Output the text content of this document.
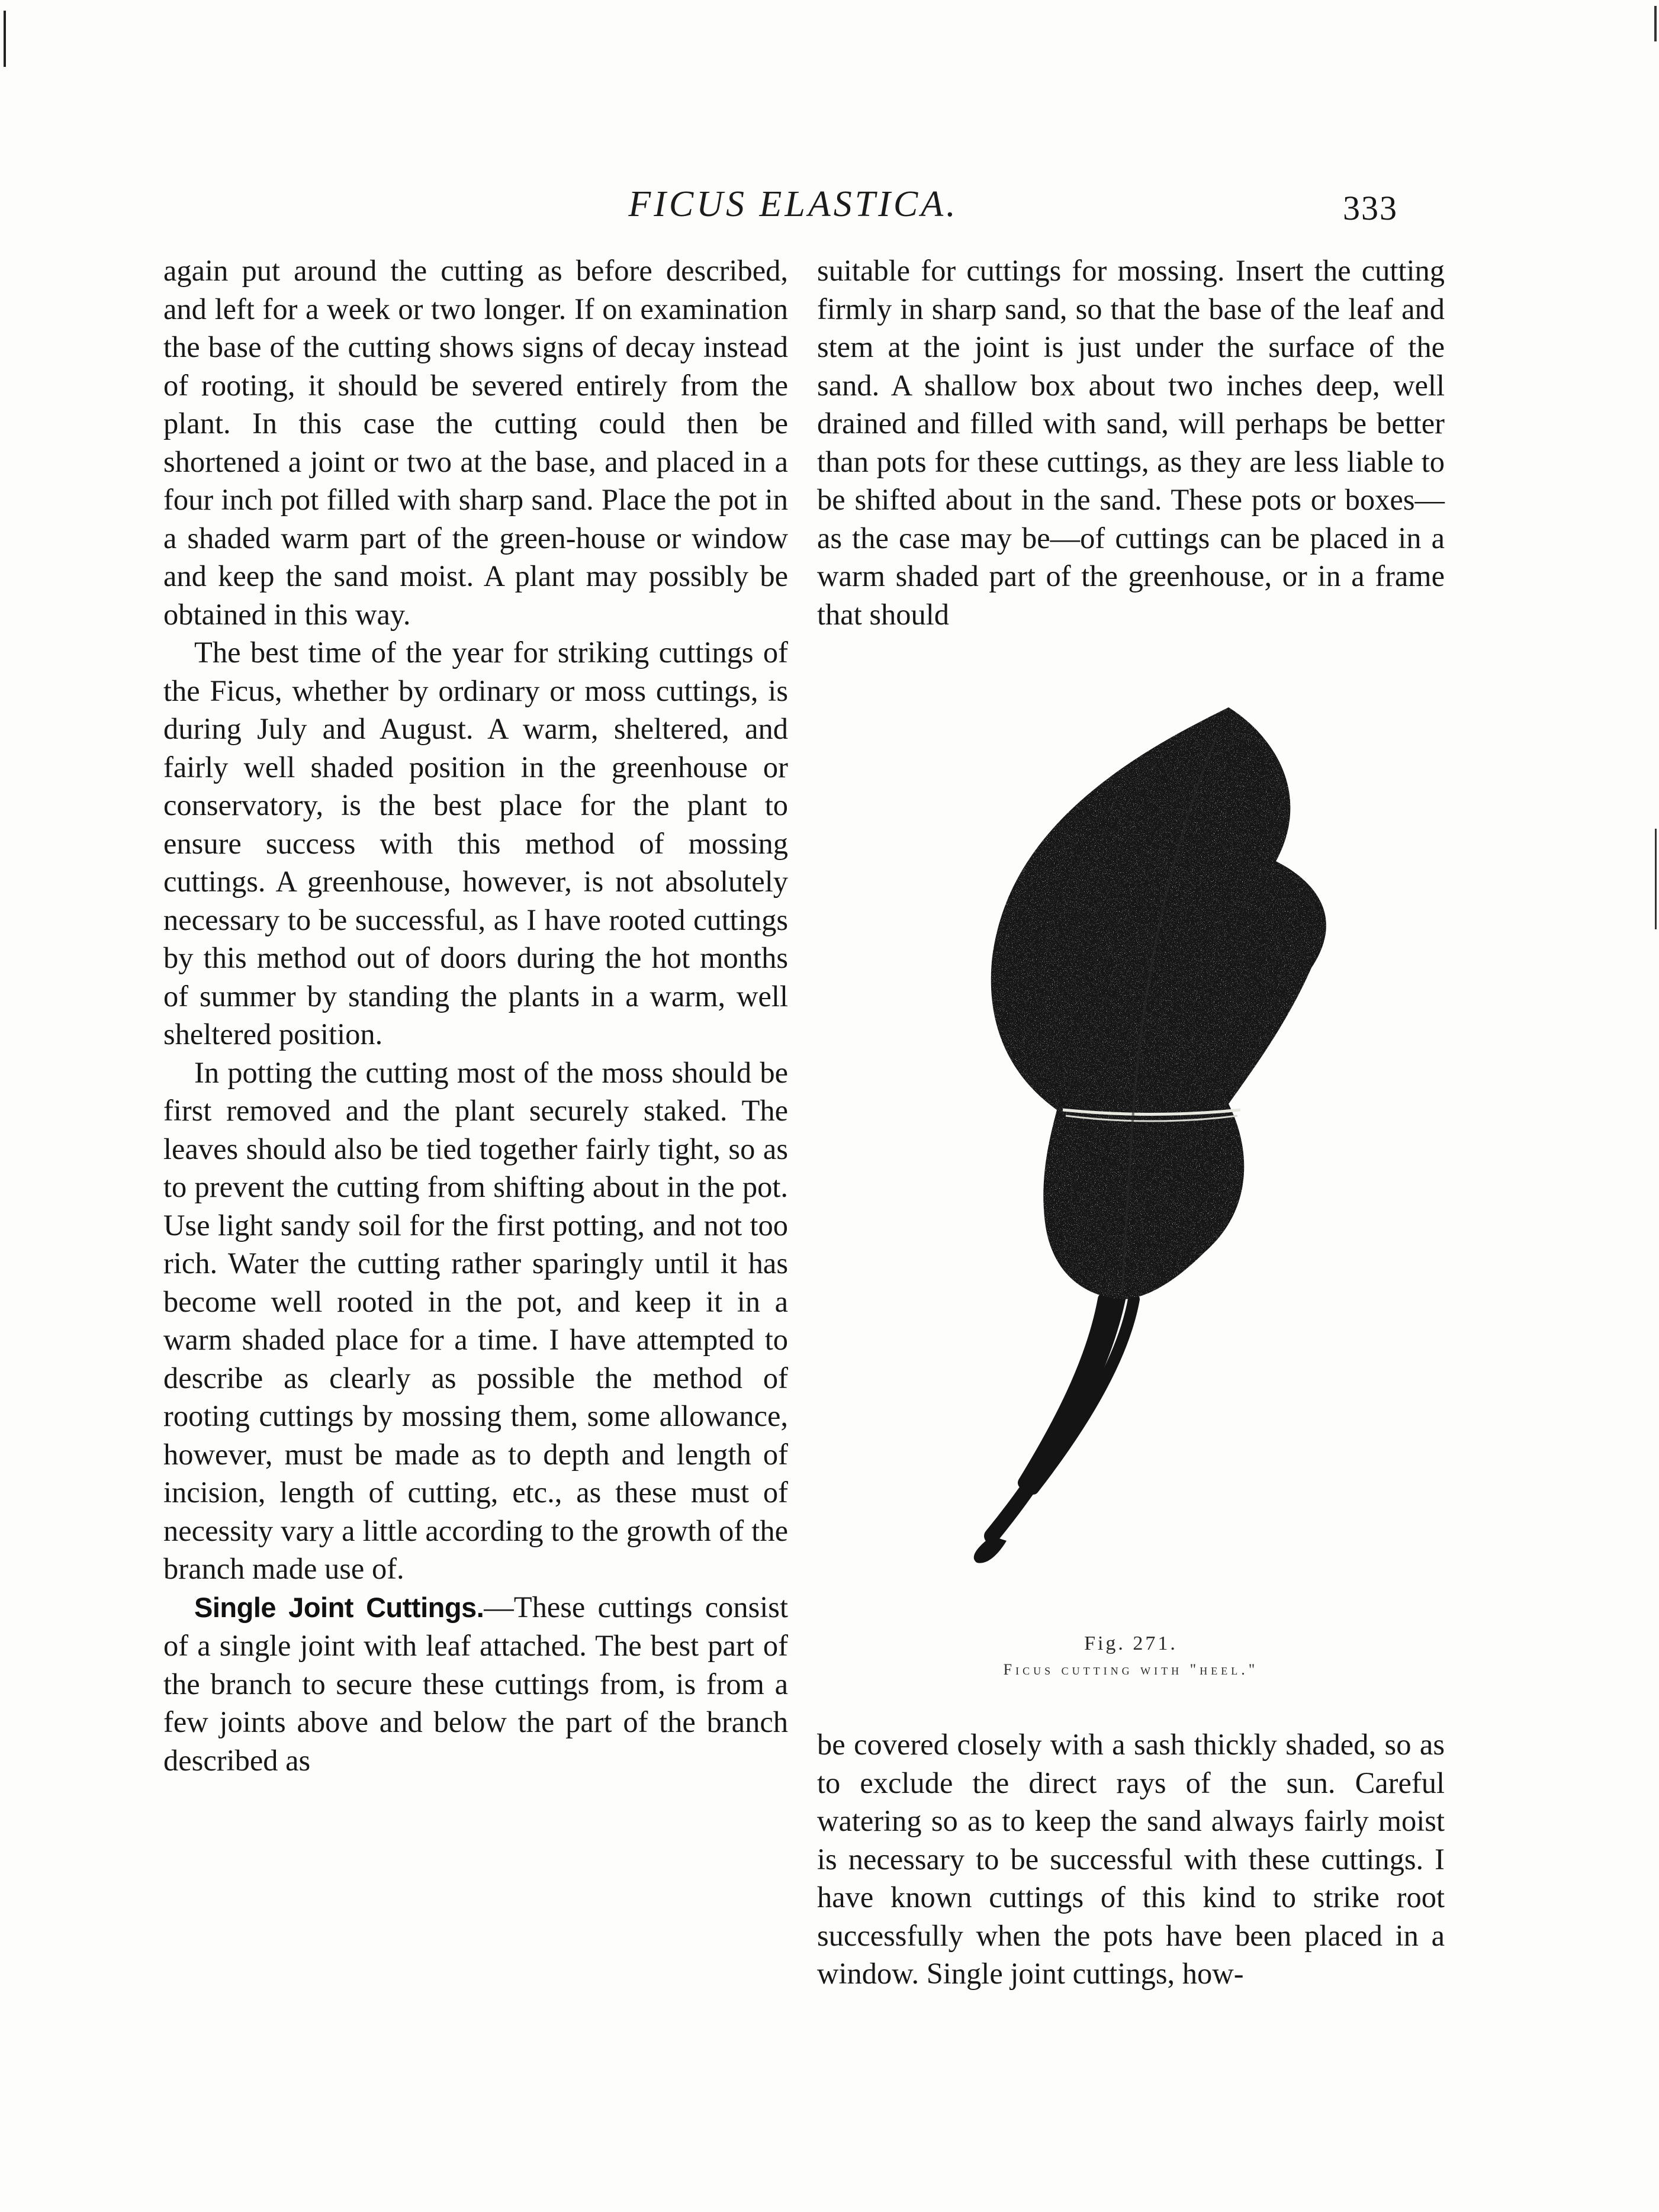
FICUS ELASTICA.	333

again put around the cutting as before described, and left for a week or two longer. If on examination the base of the cutting shows signs of decay instead of rooting, it should be severed entirely from the plant. In this case the cutting could then be shortened a joint or two at the base, and placed in a four inch pot filled with sharp sand. Place the pot in a shaded warm part of the green-house or window and keep the sand moist. A plant may possibly be obtained in this way.

The best time of the year for striking cuttings of the Ficus, whether by ordinary or moss cuttings, is during July and August. A warm, sheltered, and fairly well shaded position in the greenhouse or conservatory, is the best place for the plant to ensure success with this method of mossing cuttings. A greenhouse, however, is not absolutely necessary to be successful, as I have rooted cuttings by this method out of doors during the hot months of summer by standing the plants in a warm, well sheltered position.

In potting the cutting most of the moss should be first removed and the plant securely staked. The leaves should also be tied together fairly tight, so as to prevent the cutting from shifting about in the pot. Use light sandy soil for the first potting, and not too rich. Water the cutting rather sparingly until it has become well rooted in the pot, and keep it in a warm shaded place for a time. I have attempted to describe as clearly as possible the method of rooting cuttings by mossing them, some allowance, however, must be made as to depth and length of incision, length of cutting, etc., as these must of necessity vary a little according to the growth of the branch made use of.

Single Joint Cuttings.—These cuttings consist of a single joint with leaf attached. The best part of the branch to secure these cuttings from, is from a few joints above and below the part of the branch described as

suitable for cuttings for mossing. Insert the cutting firmly in sharp sand, so that the base of the leaf and stem at the joint is just under the surface of the sand. A shallow box about two inches deep, well drained and filled with sand, will perhaps be better than pots for these cuttings, as they are less liable to be shifted about in the sand. These pots or boxes—as the case may be—of cuttings can be placed in a warm shaded part of the greenhouse, or in a frame that should

Fig. 271.
Ficus cutting with "heel."

be covered closely with a sash thickly shaded, so as to exclude the direct rays of the sun. Careful watering so as to keep the sand always fairly moist is necessary to be successful with these cuttings. I have known cuttings of this kind to strike root successfully when the pots have been placed in a window. Single joint cuttings, how-
